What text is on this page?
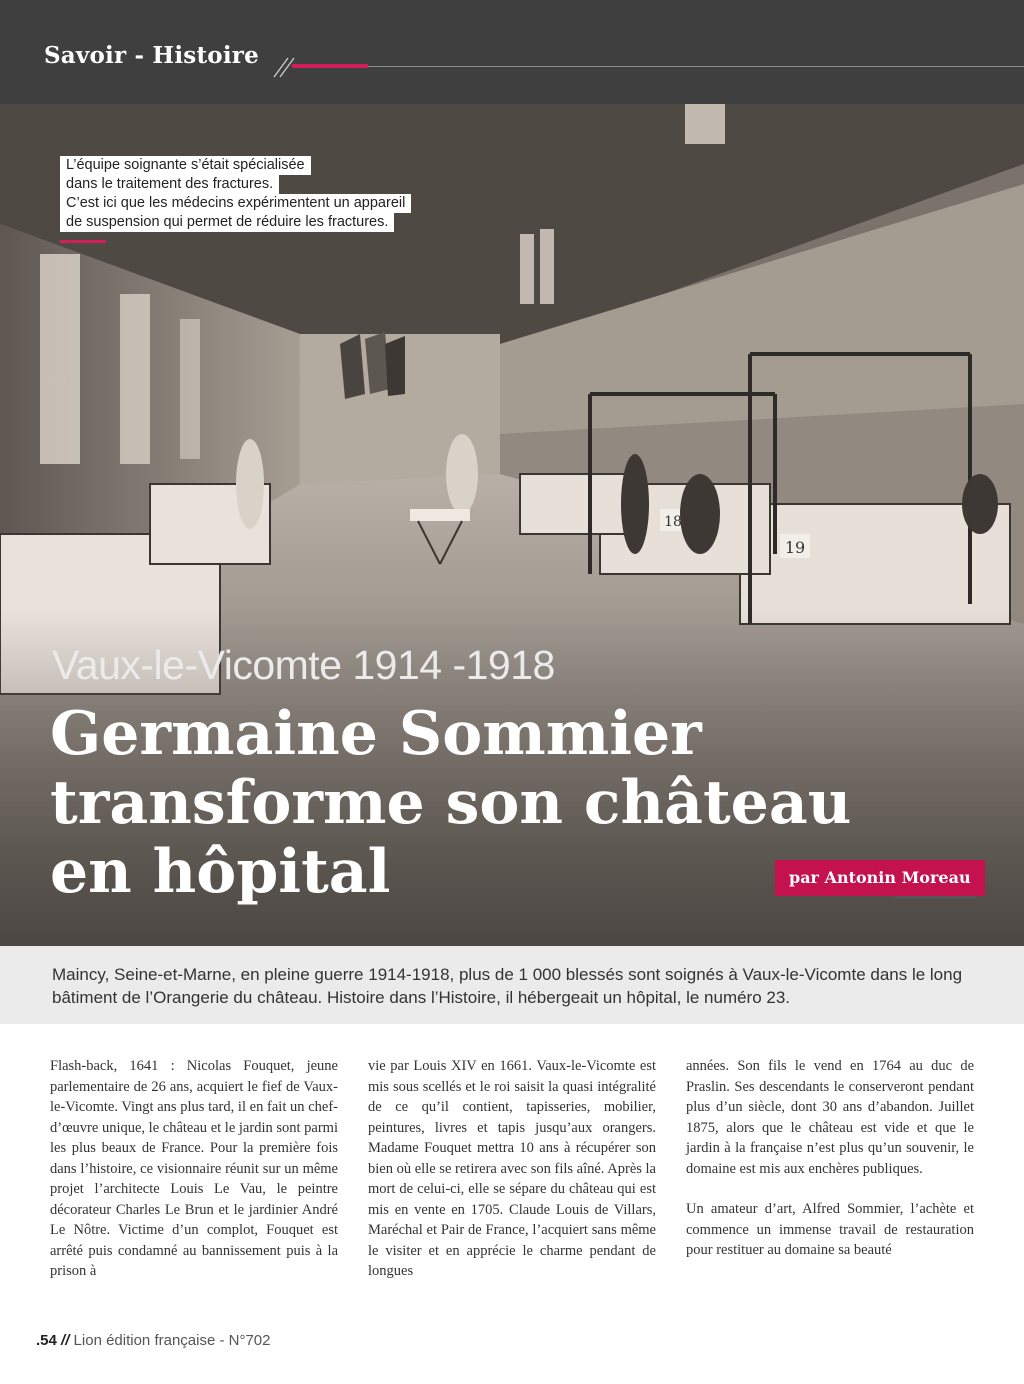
Savoir - Histoire
L’équipe soignante s’était spécialisée
dans le traitement des fractures.
C’est ici que les médecins expérimentent un appareil
de suspension qui permet de réduire les fractures.
Vaux-le-Vicomte 1914 -1918
Germaine Sommier
transforme son château
en hôpital	par Antonin Moreau

Maincy, Seine-et-Marne, en pleine guerre 1914-1918, plus de 1 000 blessés sont soignés à Vaux-le-Vicomte dans le long bâtiment de l’Orangerie du château. Histoire dans l’Histoire, il hébergeait un hôpital, le numéro 23.

Flash-back, 1641 : Nicolas Fouquet, jeune parlementaire de 26 ans, acquiert le fief de Vaux-le-Vicomte. Vingt ans plus tard, il en fait un chef-d’œuvre unique, le château et le jardin sont parmi les plus beaux de France. Pour la première fois dans l’histoire, ce visionnaire réunit sur un même projet l’architecte Louis Le Vau, le peintre décorateur Charles Le Brun et le jardinier André Le Nôtre. Victime d’un complot, Fouquet est arrêté puis condamné au bannissement puis à la prison à

vie par Louis XIV en 1661. Vaux-le-Vicomte est mis sous scellés et le roi saisit la quasi intégralité de ce qu’il contient, tapisseries, mobilier, peintures, livres et tapis jusqu’aux orangers. Madame Fouquet mettra 10 ans à récupérer son bien où elle se retirera avec son fils aîné. Après la mort de celui-ci, elle se sépare du château qui est mis en vente en 1705. Claude Louis de Villars, Maréchal et Pair de France, l’acquiert sans même le visiter et en apprécie le charme pendant de longues

années. Son fils le vend en 1764 au duc de Praslin. Ses descendants le conserveront pendant plus d’un siècle, dont 30 ans d’abandon. Juillet 1875, alors que le château est vide et que le jardin à la française n’est plus qu’un souvenir, le domaine est mis aux enchères publiques.

Un amateur d’art, Alfred Sommier, l’achète et commence un immense travail de restauration pour restituer au domaine sa beauté

.54 // Lion édition française - N°702
